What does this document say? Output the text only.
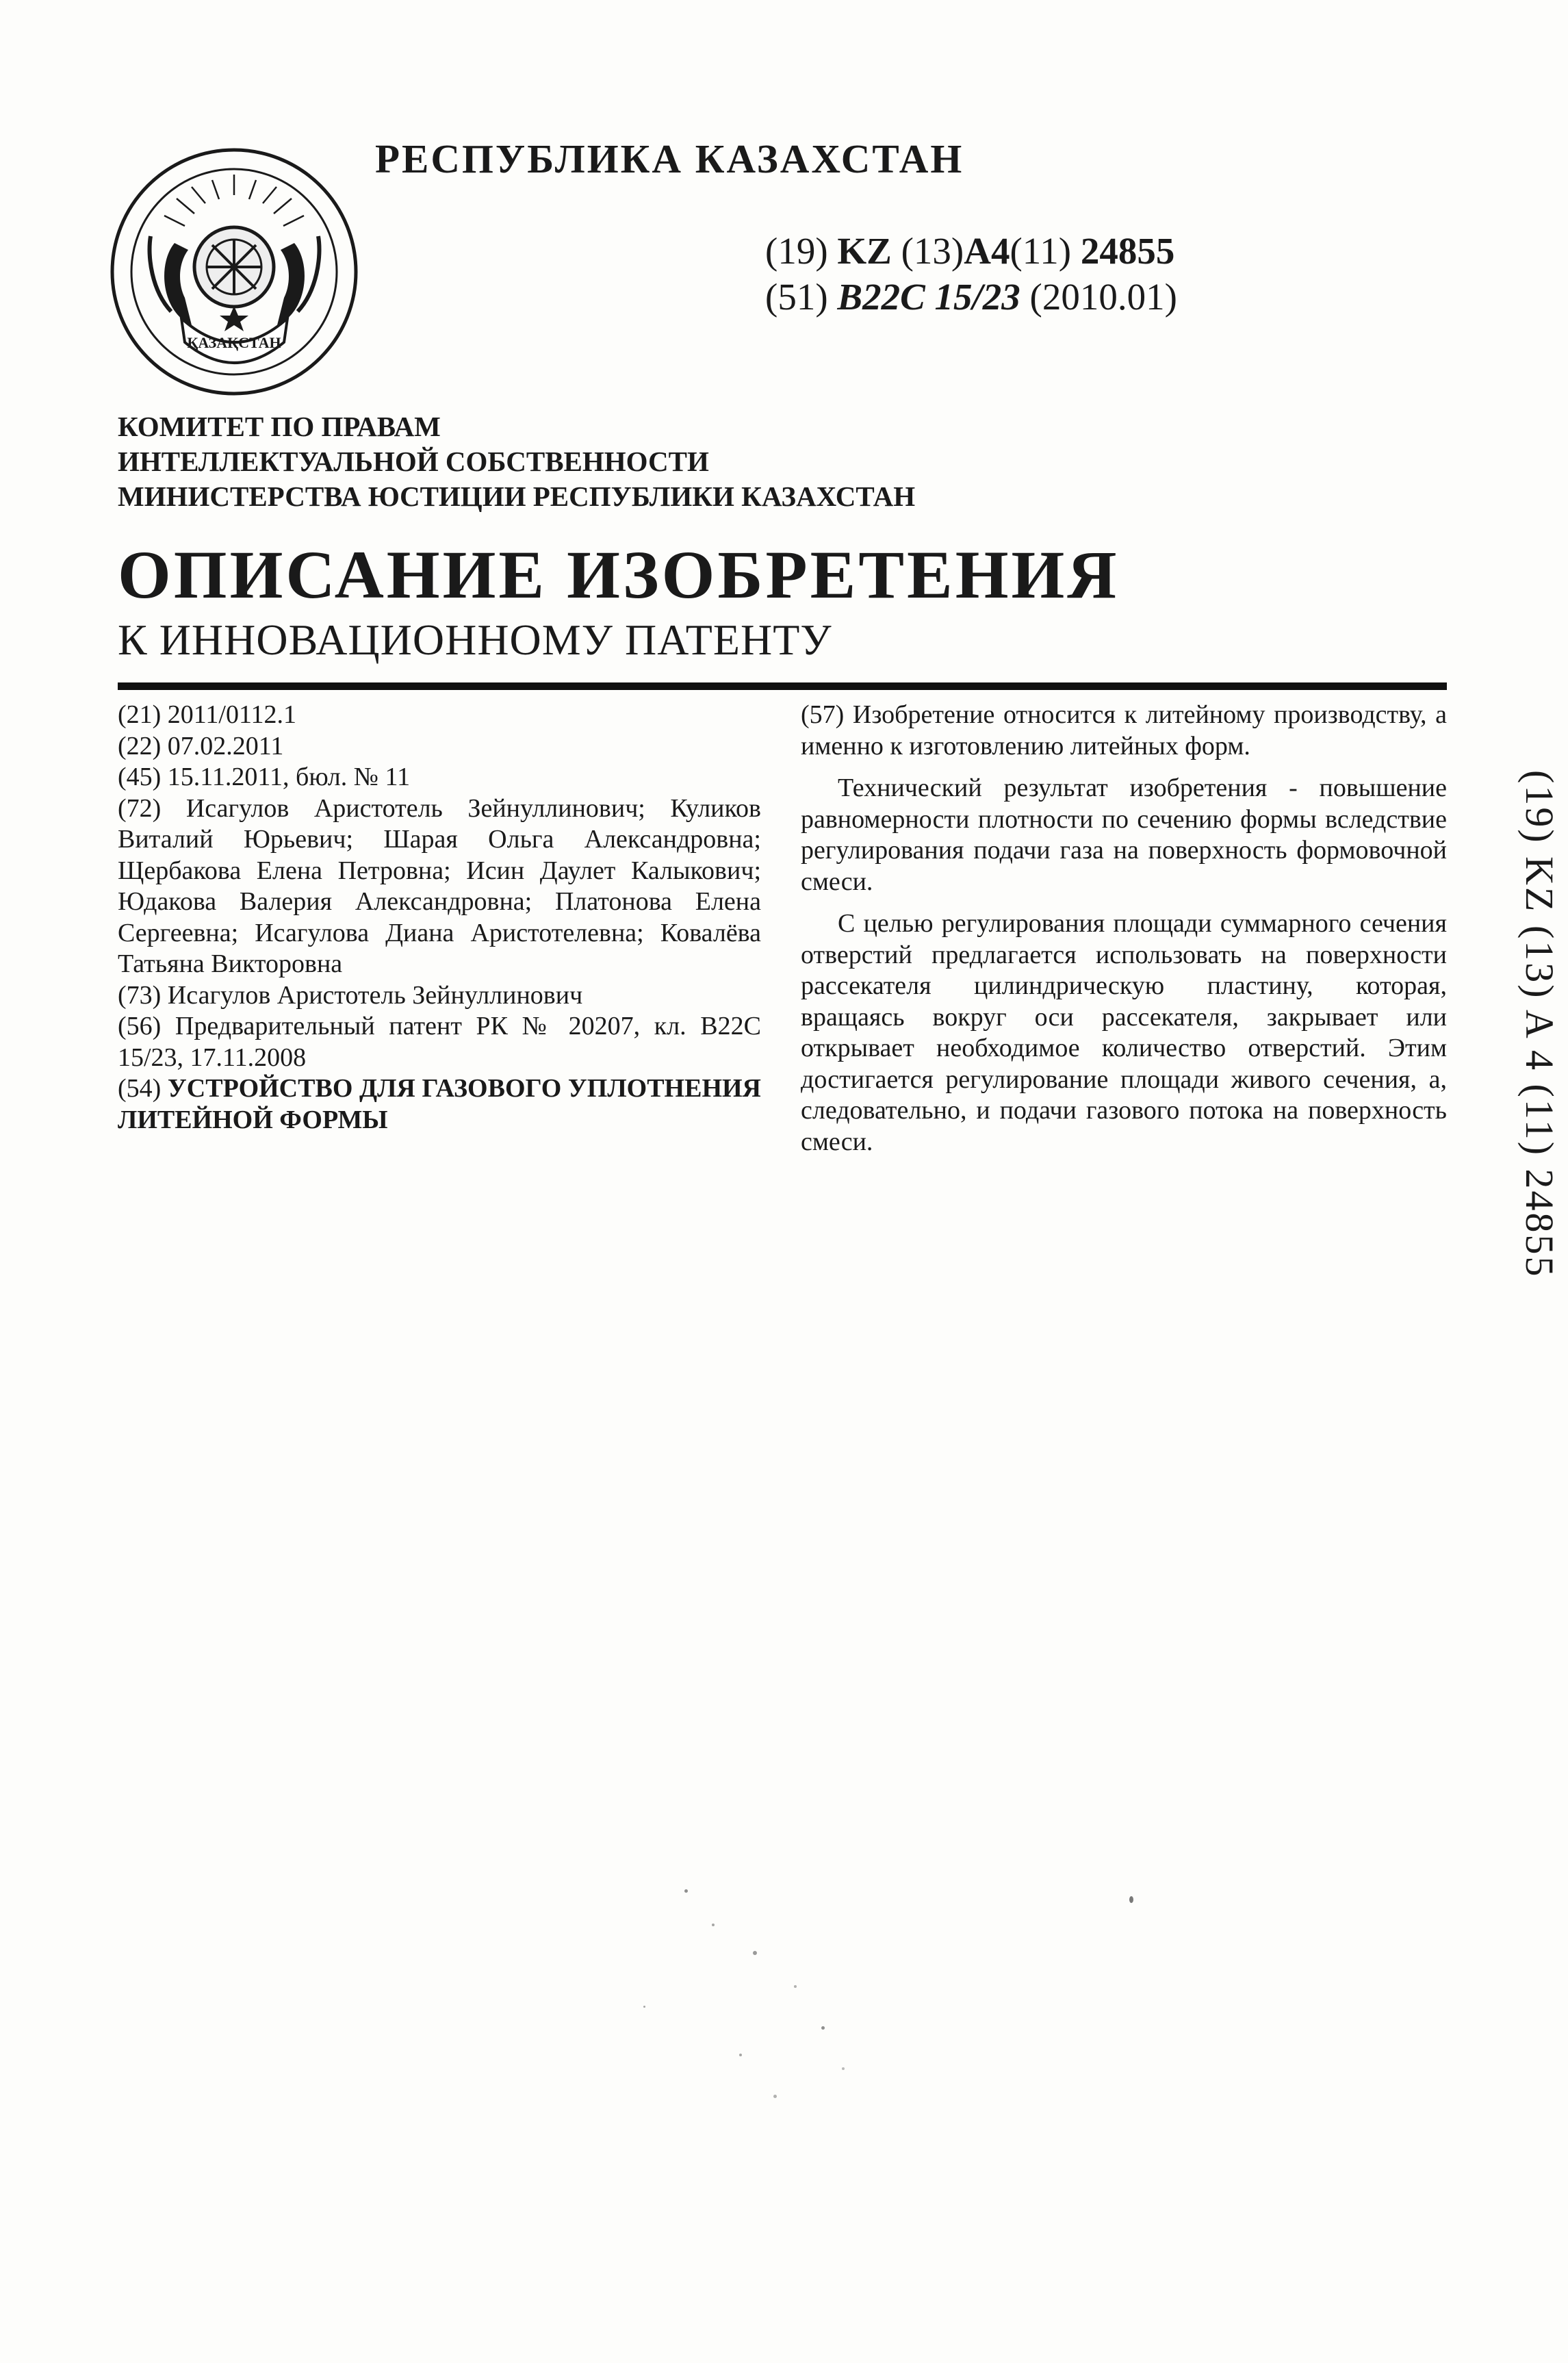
ҚАЗАҚСТАН
РЕСПУБЛИКА КАЗАХСТАН
(19) KZ (13)A4(11) 24855
(51) B22C 15/23 (2010.01)
КОМИТЕТ ПО ПРАВАМ
ИНТЕЛЛЕКТУАЛЬНОЙ СОБСТВЕННОСТИ
МИНИСТЕРСТВА ЮСТИЦИИ РЕСПУБЛИКИ КАЗАХСТАН
ОПИСАНИЕ ИЗОБРЕТЕНИЯ
К ИННОВАЦИОННОМУ ПАТЕНТУ

(21) 2011/0112.1

(22) 07.02.2011

(45) 15.11.2011, бюл. № 11

(72) Исагулов Аристотель Зейнуллинович; Куликов Виталий Юрьевич; Шарая Ольга Александровна; Щербакова Елена Петровна; Исин Даулет Калыкович; Юдакова Валерия Александровна; Платонова Елена Сергеевна; Исагулова Диана Аристотелевна; Ковалёва Татьяна Викторовна

(73) Исагулов Аристотель Зейнуллинович

(56) Предварительный патент РК № 20207, кл. B22C 15/23, 17.11.2008

(54) УСТРОЙСТВО ДЛЯ ГАЗОВОГО УПЛОТНЕНИЯ ЛИТЕЙНОЙ ФОРМЫ

(57) Изобретение относится к литейному производству, а именно к изготовлению литейных форм.

Технический результат изобретения - повышение равномерности плотности по сечению формы вследствие регулирования подачи газа на поверхность формовочной смеси.

С целью регулирования площади суммарного сечения отверстий предлагается использовать на поверхности рассекателя цилиндрическую пластину, которая, вращаясь вокруг оси рассекателя, закрывает или открывает необходимое количество отверстий. Этим достигается регулирование площади живого сечения, а, следовательно, и подачи газового потока на поверхность смеси.	(19) KZ (13) A 4 (11) 24855
